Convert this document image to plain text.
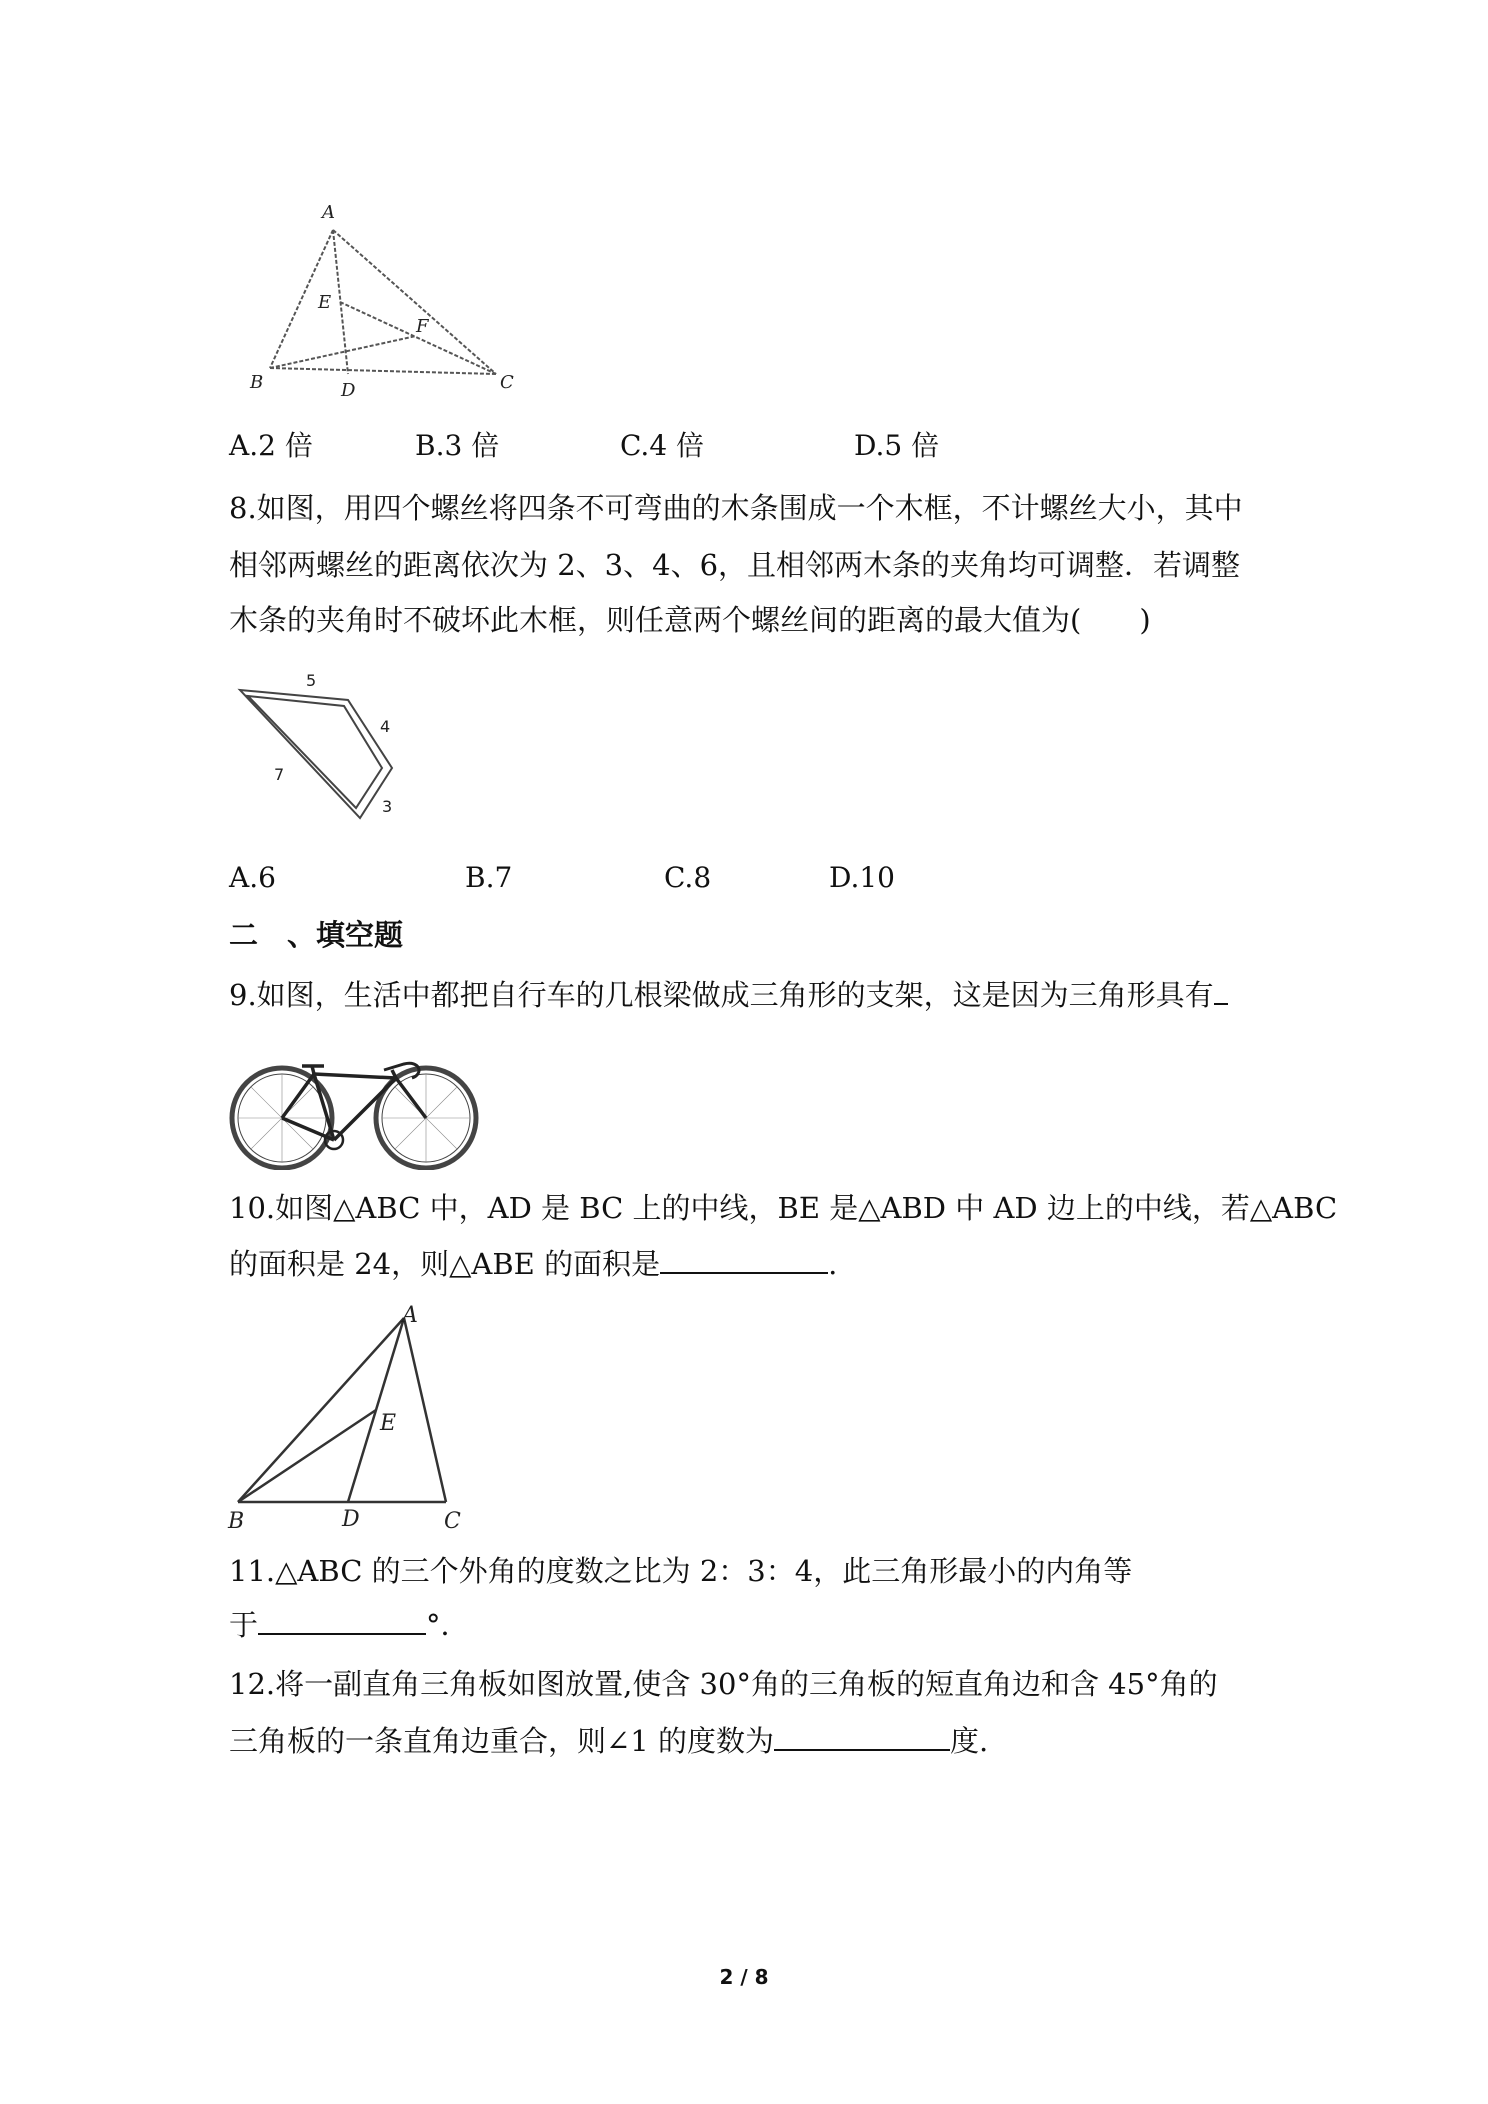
A
B	C
D
E
F
A.2 倍	B.3 倍	C.4 倍	D.5 倍
8.如图，用四个螺丝将四条不可弯曲的木条围成一个木框，不计螺丝大小，其中
相邻两螺丝的距离依次为 2、3、4、6，且相邻两木条的夹角均可调整．若调整
木条的夹角时不破坏此木框，则任意两个螺丝间的距离的最大值为(　　)
5
4
7
3
A.6	B.7	C.8	D.10
二　、填空题
9.如图，生活中都把自行车的几根梁做成三角形的支架，这是因为三角形具有
10.如图△ABC 中，AD 是 BC 上的中线，BE 是△ABD 中 AD 边上的中线，若△ABC
的面积是 24，则△ABE 的面积是	.
A
B	C
D
E
11.△ABC 的三个外角的度数之比为 2：3：4，此三角形最小的内角等
于	°．
12.将一副直角三角板如图放置,使含 30°角的三角板的短直角边和含 45°角的
三角板的一条直角边重合，则∠1 的度数为	度.
2 / 8
